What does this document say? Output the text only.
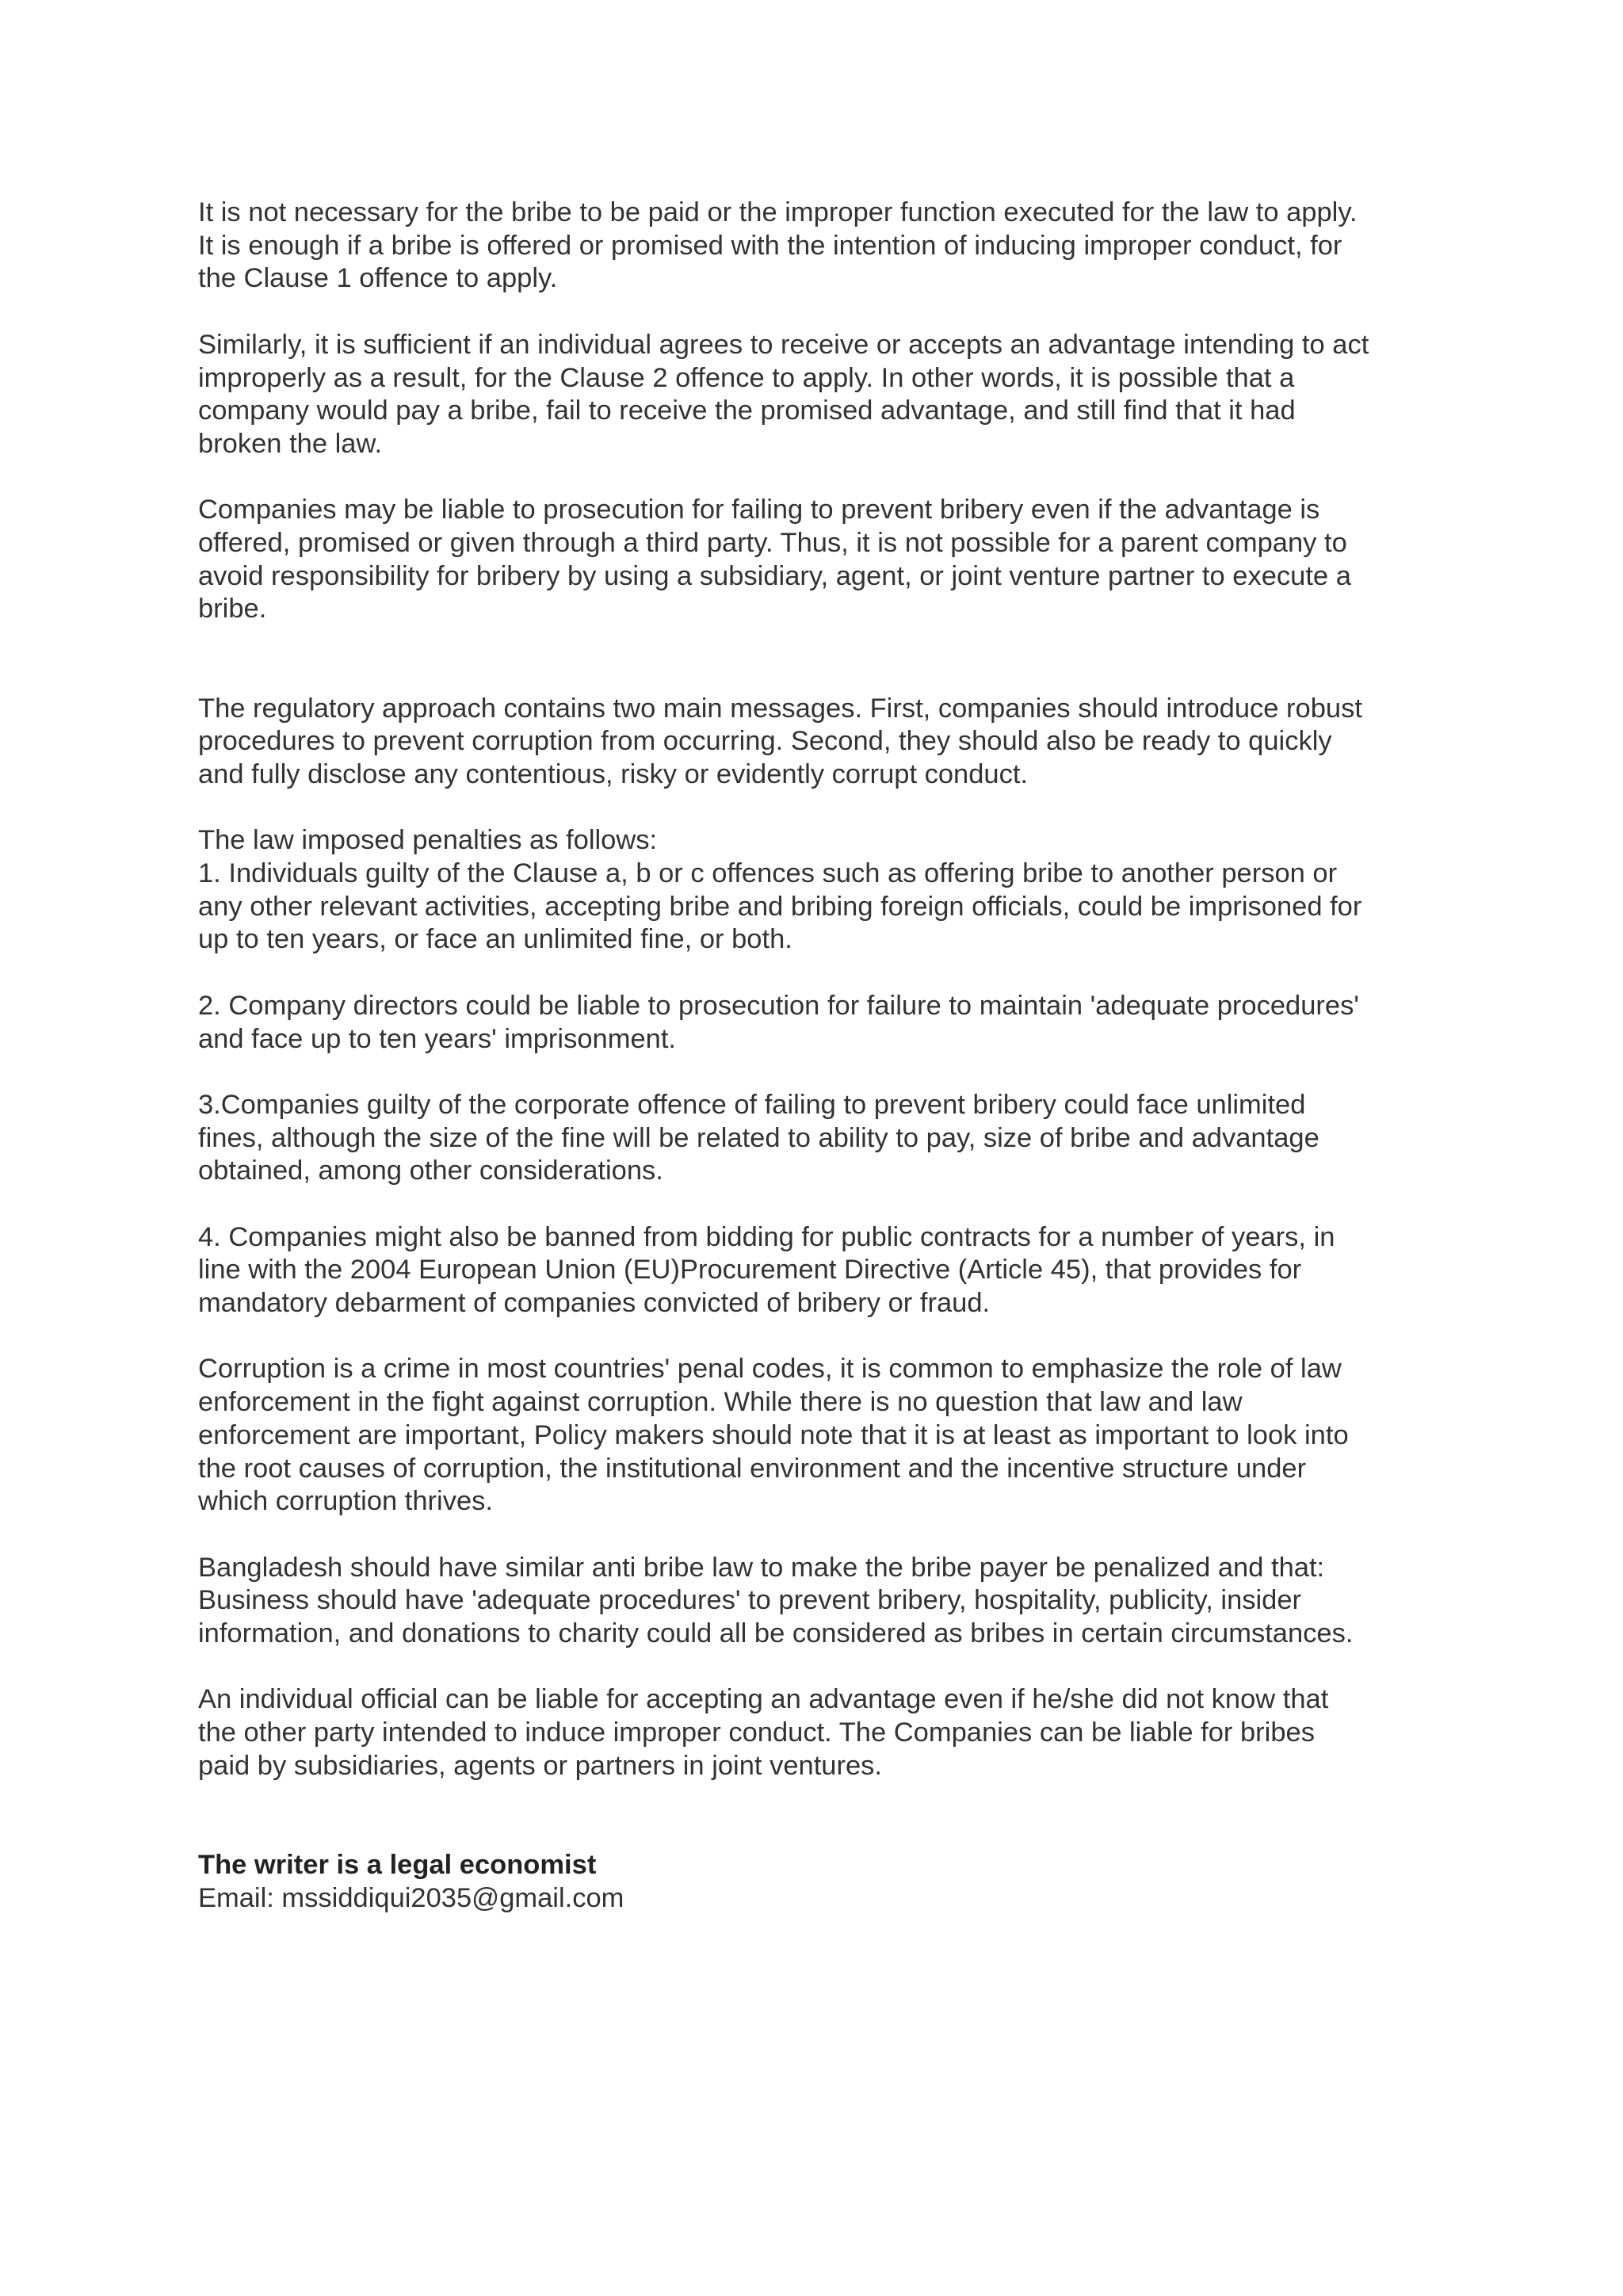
It is not necessary for the bribe to be paid or the improper function executed for the law to apply.
It is enough if a bribe is offered or promised with the intention of inducing improper conduct, for
the Clause 1 offence to apply.

Similarly, it is sufficient if an individual agrees to receive or accepts an advantage intending to act
improperly as a result, for the Clause 2 offence to apply. In other words, it is possible that a
company would pay a bribe, fail to receive the promised advantage, and still find that it had
broken the law.

Companies may be liable to prosecution for failing to prevent bribery even if the advantage is
offered, promised or given through a third party. Thus, it is not possible for a parent company to
avoid responsibility for bribery by using a subsidiary, agent, or joint venture partner to execute a
bribe.

The regulatory approach contains two main messages. First, companies should introduce robust
procedures to prevent corruption from occurring. Second, they should also be ready to quickly
and fully disclose any contentious, risky or evidently corrupt conduct.

The law imposed penalties as follows:
1. Individuals guilty of the Clause a, b or c offences such as offering bribe to another person or
any other relevant activities, accepting bribe and bribing foreign officials, could be imprisoned for
up to ten years, or face an unlimited fine, or both.

2. Company directors could be liable to prosecution for failure to maintain 'adequate procedures'
and face up to ten years' imprisonment.

3.Companies guilty of the corporate offence of failing to prevent bribery could face unlimited
fines, although the size of the fine will be related to ability to pay, size of bribe and advantage
obtained, among other considerations.

4. Companies might also be banned from bidding for public contracts for a number of years, in
line with the 2004 European Union (EU)Procurement Directive (Article 45), that provides for
mandatory debarment of companies convicted of bribery or fraud.

Corruption is a crime in most countries' penal codes, it is common to emphasize the role of law
enforcement in the fight against corruption. While there is no question that law and law
enforcement are important, Policy makers should note that it is at least as important to look into
the root causes of corruption, the institutional environment and the incentive structure under
which corruption thrives.

Bangladesh should have similar anti bribe law to make the bribe payer be penalized and that:
Business should have 'adequate procedures' to prevent bribery, hospitality, publicity, insider
information, and donations to charity could all be considered as bribes in certain circumstances.

An individual official can be liable for accepting an advantage even if he/she did not know that
the other party intended to induce improper conduct. The Companies can be liable for bribes
paid by subsidiaries, agents or partners in joint ventures.

The writer is a legal economist

Email: mssiddiqui2035@gmail.com
